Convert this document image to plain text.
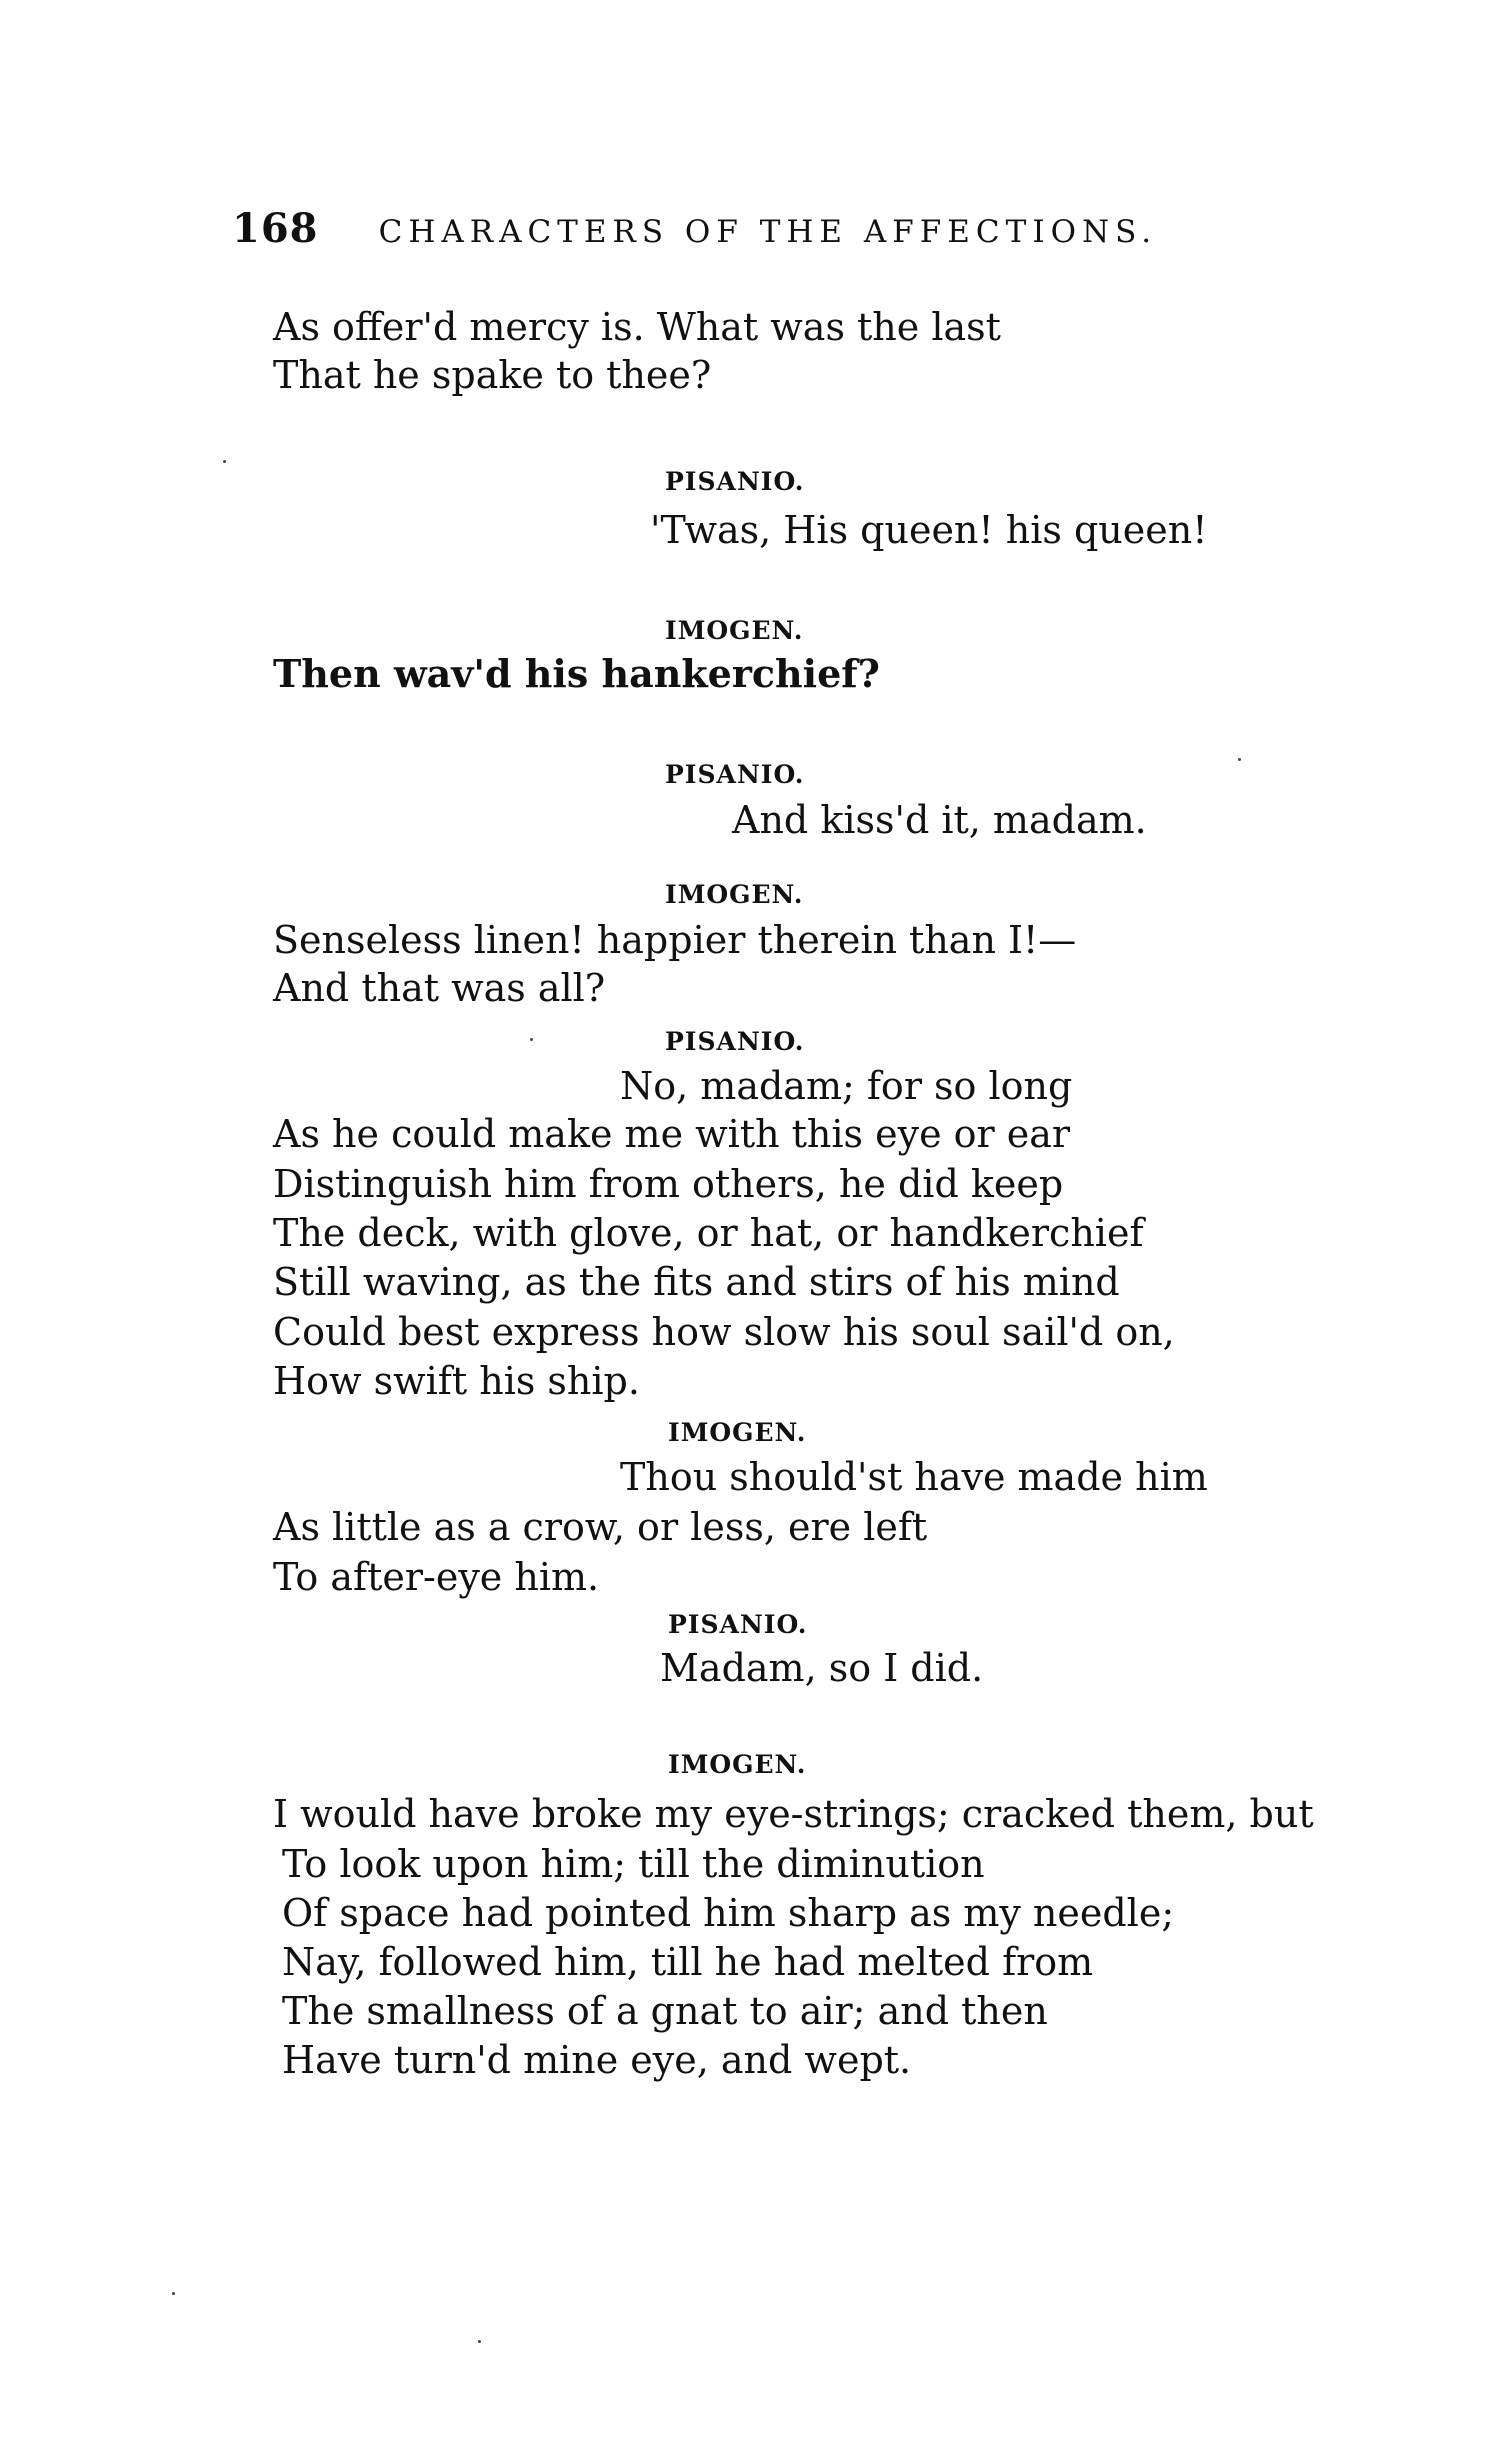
168 CHARACTERS OF THE AFFECTIONS.
As offer'd mercy is. What was the last
That he spake to thee?
PISANIO.
'Twas, His queen! his queen!
IMOGEN.
Then wav'd his hankerchief?
PISANIO.
And kiss'd it, madam.
IMOGEN.
Senseless linen! happier therein than I!—
And that was all?
PISANIO.
No, madam; for so long
As he could make me with this eye or ear
Distinguish him from others, he did keep
The deck, with glove, or hat, or handkerchief
Still waving, as the fits and stirs of his mind
Could best express how slow his soul sail'd on,
How swift his ship.
IMOGEN.
Thou should'st have made him
As little as a crow, or less, ere left
To after-eye him.
PISANIO.
Madam, so I did.
IMOGEN.
I would have broke my eye-strings; cracked them, but
To look upon him; till the diminution
Of space had pointed him sharp as my needle;
Nay, followed him, till he had melted from
The smallness of a gnat to air; and then
Have turn'd mine eye, and wept.
